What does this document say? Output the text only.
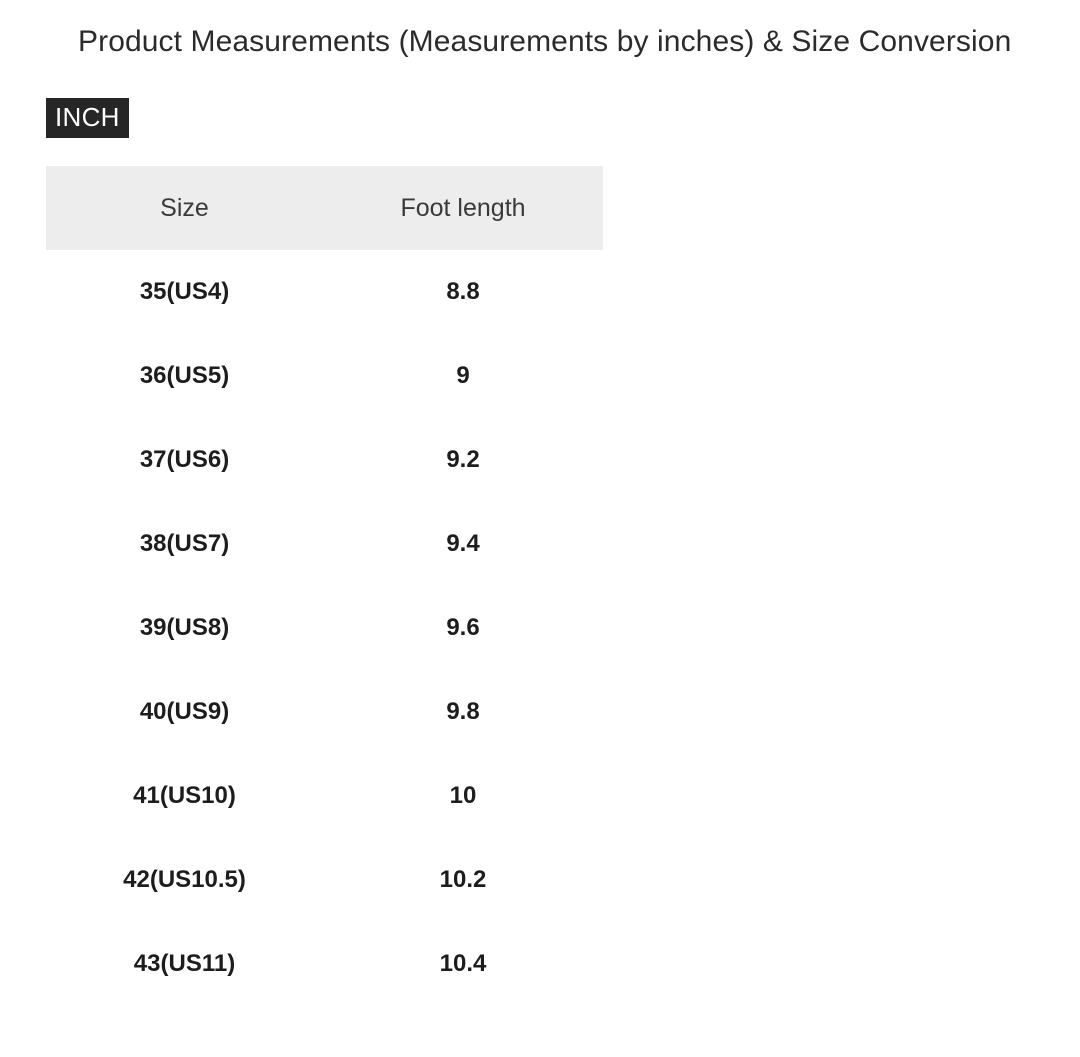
Product Measurements (Measurements by inches) & Size Conversion
INCH
Size	Foot length
35(US4)	8.8
36(US5)	9
37(US6)	9.2
38(US7)	9.4
39(US8)	9.6
40(US9)	9.8
41(US10)	10
42(US10.5)	10.2
43(US11)	10.4
